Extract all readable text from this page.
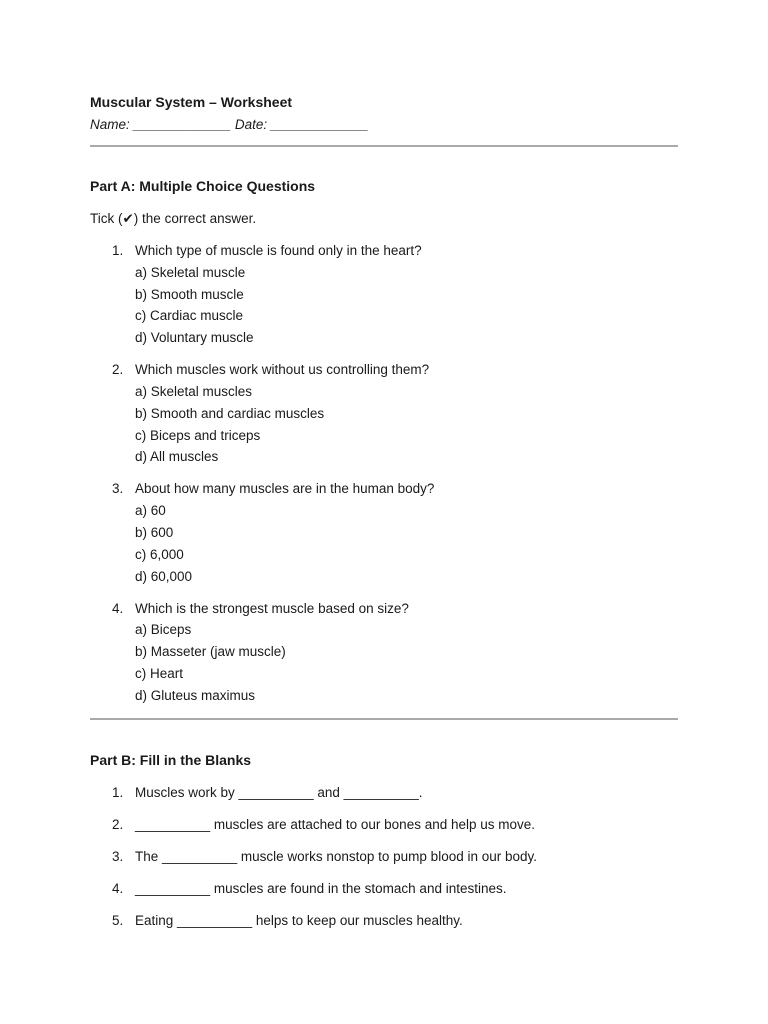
Muscular System – Worksheet
Name: _____________ Date: _____________
Part A: Multiple Choice Questions
Tick (✔) the correct answer.
1. Which type of muscle is found only in the heart?
a) Skeletal muscle
b) Smooth muscle
c) Cardiac muscle
d) Voluntary muscle
2. Which muscles work without us controlling them?
a) Skeletal muscles
b) Smooth and cardiac muscles
c) Biceps and triceps
d) All muscles
3. About how many muscles are in the human body?
a) 60
b) 600
c) 6,000
d) 60,000
4. Which is the strongest muscle based on size?
a) Biceps
b) Masseter (jaw muscle)
c) Heart
d) Gluteus maximus
Part B: Fill in the Blanks
1. Muscles work by __________ and __________.
2. __________ muscles are attached to our bones and help us move.
3. The __________ muscle works nonstop to pump blood in our body.
4. __________ muscles are found in the stomach and intestines.
5. Eating __________ helps to keep our muscles healthy.
